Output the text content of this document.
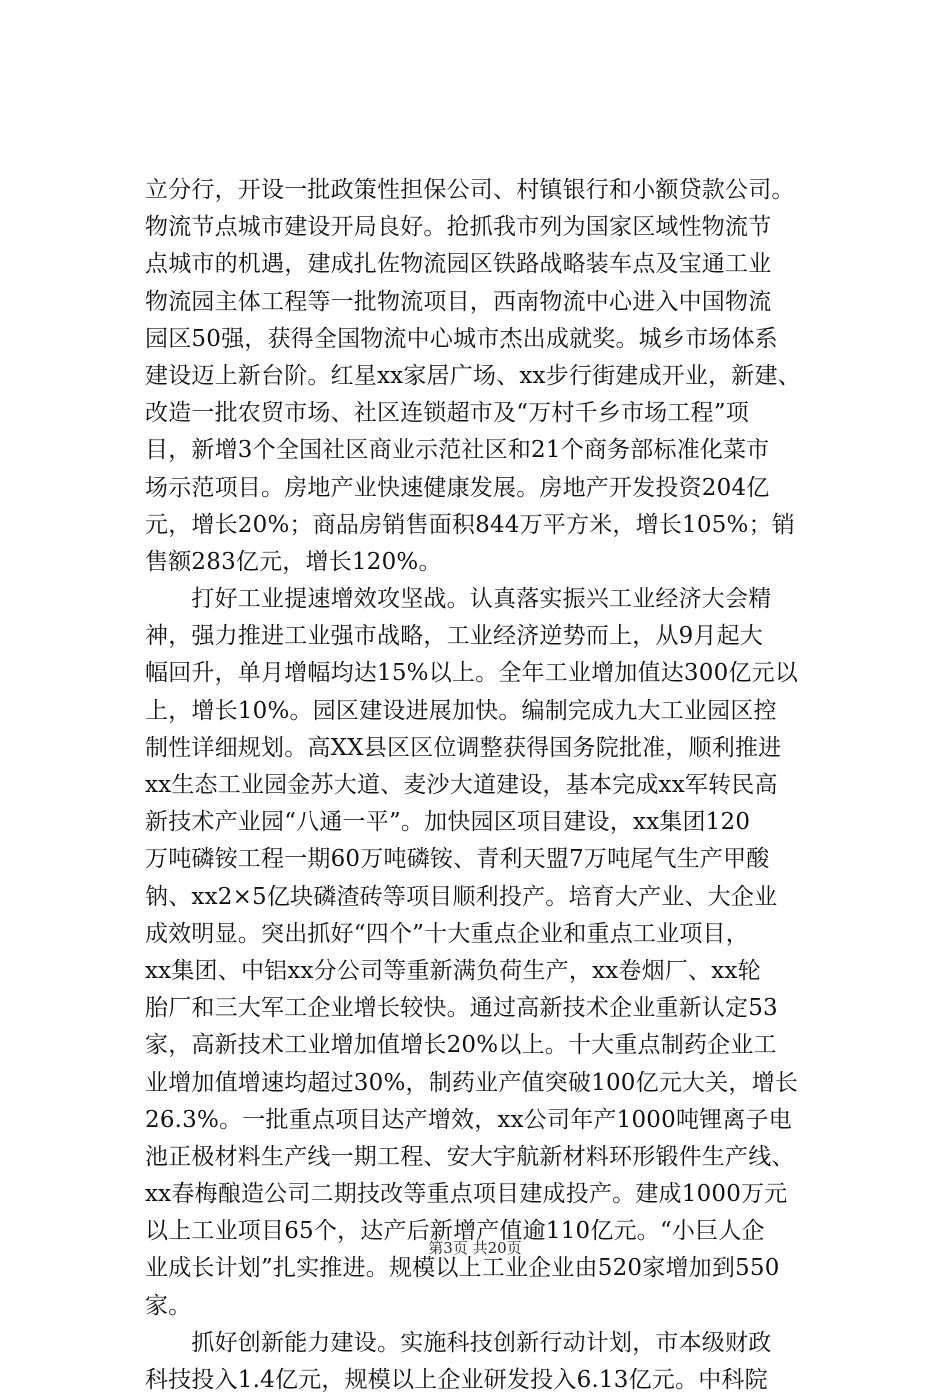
立分行，开设一批政策性担保公司、村镇银行和小额贷款公司。
物流节点城市建设开局良好。抢抓我市列为国家区域性物流节
点城市的机遇，建成扎佐物流园区铁路战略装车点及宝通工业
物流园主体工程等一批物流项目，西南物流中心进入中国物流
园区50强，获得全国物流中心城市杰出成就奖。城乡市场体系
建设迈上新台阶。红星xx家居广场、xx步行街建成开业，新建、
改造一批农贸市场、社区连锁超市及“万村千乡市场工程”项
目，新增3个全国社区商业示范社区和21个商务部标准化菜市
场示范项目。房地产业快速健康发展。房地产开发投资204亿
元，增长20%；商品房销售面积844万平方米，增长105%；销
售额283亿元，增长120%。
　　打好工业提速增效攻坚战。认真落实振兴工业经济大会精
神，强力推进工业强市战略，工业经济逆势而上，从9月起大
幅回升，单月增幅均达15%以上。全年工业增加值达300亿元以
上，增长10%。园区建设进展加快。编制完成九大工业园区控
制性详细规划。高XX县区区位调整获得国务院批准，顺利推进
xx生态工业园金苏大道、麦沙大道建设，基本完成xx军转民高
新技术产业园“八通一平”。加快园区项目建设，xx集团120
万吨磷铵工程一期60万吨磷铵、青利天盟7万吨尾气生产甲酸
钠、xx2×5亿块磷渣砖等项目顺利投产。培育大产业、大企业
成效明显。突出抓好“四个”十大重点企业和重点工业项目，
xx集团、中铝xx分公司等重新满负荷生产，xx卷烟厂、xx轮
胎厂和三大军工企业增长较快。通过高新技术企业重新认定53
家，高新技术工业增加值增长20%以上。十大重点制药企业工
业增加值增速均超过30%，制药业产值突破100亿元大关，增长
26.3%。一批重点项目达产增效，xx公司年产1000吨锂离子电
池正极材料生产线一期工程、安大宇航新材料环形锻件生产线、
xx春梅酿造公司二期技改等重点项目建成投产。建成1000万元
以上工业项目65个，达产后新增产值逾110亿元。“小巨人企
业成长计划”扎实推进。规模以上工业企业由520家增加到550
家。
　　抓好创新能力建设。实施科技创新行动计划，市本级财政
科技投入1.4亿元，规模以上企业研发投入6.13亿元。中科院
第3页 共20页
